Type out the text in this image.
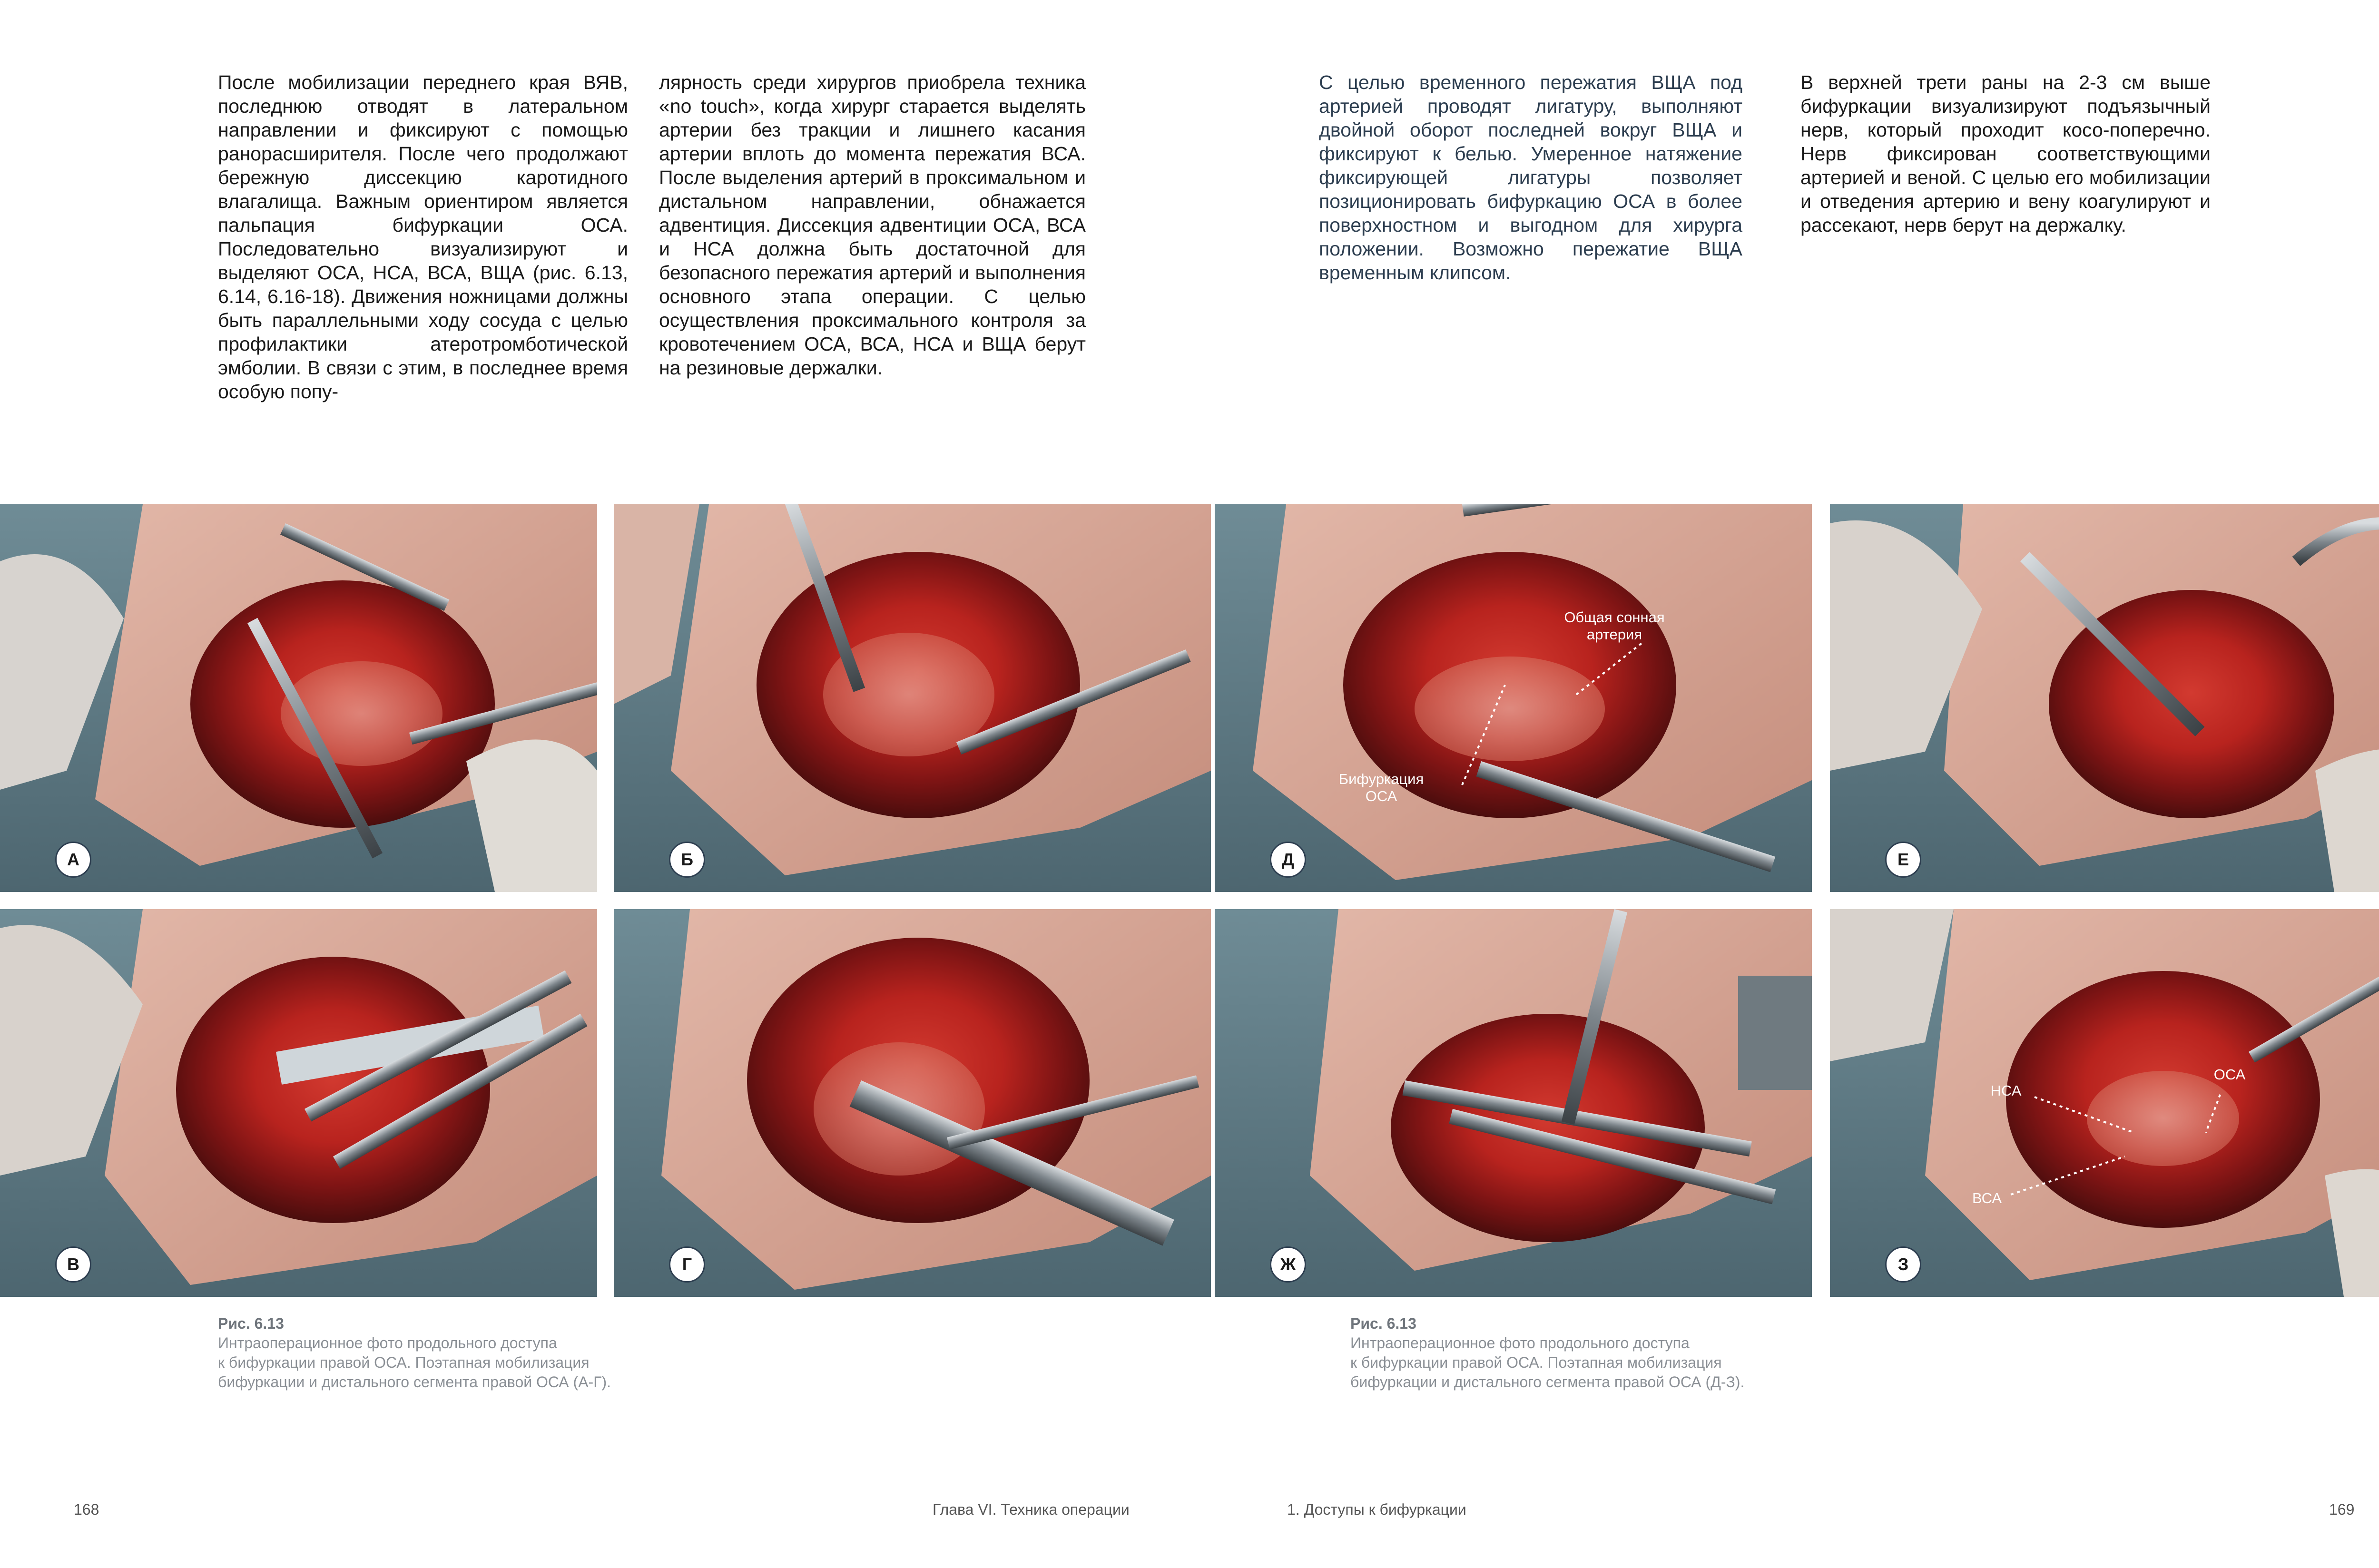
После мобилизации переднего края ВЯВ, последнюю отводят в латеральном направлении и фиксируют с помощью ранорасширителя. После чего продолжают бережную диссекцию каротидного влагалища. Важным ориентиром является пальпация бифуркации ОСА. Последовательно визуализируют и выделяют ОСА, НСА, ВСА, ВЩА (рис. 6.13, 6.14, 6.16-18). Движения ножницами должны быть параллельными ходу сосуда с целью профилактики атеротромботической эмболии. В связи с этим, в последнее время особую попу-
лярность среди хирургов приобрела техника «no touch», когда хирург старается выделять артерии без тракции и лишнего касания артерии вплоть до момента пережатия ВСА. После выделения артерий в проксимальном и дистальном направлении, обнажается адвентиция. Диссекция адвентиции ОСА, ВСА и НСА должна быть достаточной для безопасного пережатия артерий и выполнения основного этапа операции. С целью осуществления проксимального контроля за кровотечением ОСА, ВСА, НСА и ВЩА берут на резиновые держалки.
С целью временного пережатия ВЩА под артерией проводят лигатуру, выполняют двойной оборот последней вокруг ВЩА и фиксируют к белью. Умеренное натяжение фиксирующей лигатуры позволяет позиционировать бифуркацию ОСА в более поверхностном и выгодном для хирурга положении. Возможно пережатие ВЩА временным клипсом.
В верхней трети раны на 2-3 см выше бифуркации визуализируют подъязычный нерв, который проходит косо-поперечно. Нерв фиксирован соответствующими артерией и веной. С целью его мобилизации и отведения артерию и вену коагулируют и рассекают, нерв берут на держалку.
А	Б
Общая сонная
артерия
Бифуркация
ОСА
Д	Е
В	Г	Ж
НСА
ОСА
ВСА
З
Рис. 6.13
Интраоперационное фото продольного доступа
к бифуркации правой ОСА. Поэтапная мобилизация
бифуркации и дистального сегмента правой ОСА (А-Г).
Рис. 6.13
Интраоперационное фото продольного доступа
к бифуркации правой ОСА. Поэтапная мобилизация
бифуркации и дистального сегмента правой ОСА (Д-З).
168	Глава VI. Техника операции	1. Доступы к бифуркации	169
